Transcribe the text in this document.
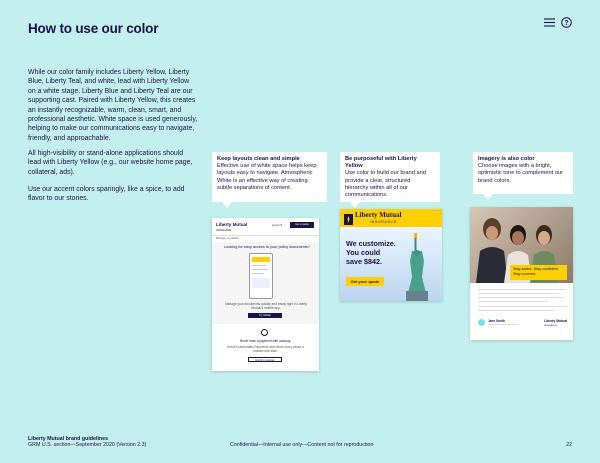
How to use our color	?
While our color family includes Liberty Yellow, Liberty Blue, Liberty Teal, and white, lead with Liberty Yellow on a white stage. Liberty Blue and Liberty Teal are our supporting cast. Paired with Liberty Yellow, this creates an instantly recognizable, warm, clean, smart, and professional aesthetic. White space is used generously, helping to make our communications easy to navigate, friendly, and approachable.
All high-visibility or stand-alone applications should lead with Liberty Yellow (e.g., our website home page, collateral, ads).
Use our accent colors sparingly, like a spice, to add flavor to our stories.
Keep layouts clean and simple
Effective use of white space helps keep layouts easy to navigate. Atmospheric White is an effective way of creating subtle separations of content.
Be purposeful with Liberty Yellow
Use color to build our brand and provide a clear, structured hierarchy within all of our communications.
Imagery is also color
Choose images with a bright, optimistic tone to complement our brand colors.
Liberty Mutual
INSURANCE
Log in ▾	Get a quote
Manage my policies
Looking for easy access to your policy documents?
Manage your documents quickly and easily right in Liberty Mutual's mobile app.
Try Mobile
Never miss a payment with autopay.
Enroll in Automatic Payments and never worry about a missed due date.
Enroll in autopay
Liberty Mutual
INSURANCE
We customize.
You could
save $842.
Get your quote
Stay active. Stay confident.
Stay covered.
Jane Smith	Liberty Mutual
INSURANCE
Liberty Mutual brand guidelines
GRM U.S. section—September 2020 (Version 2.3)	Confidential—Internal use only—Content not for reproduction	22
